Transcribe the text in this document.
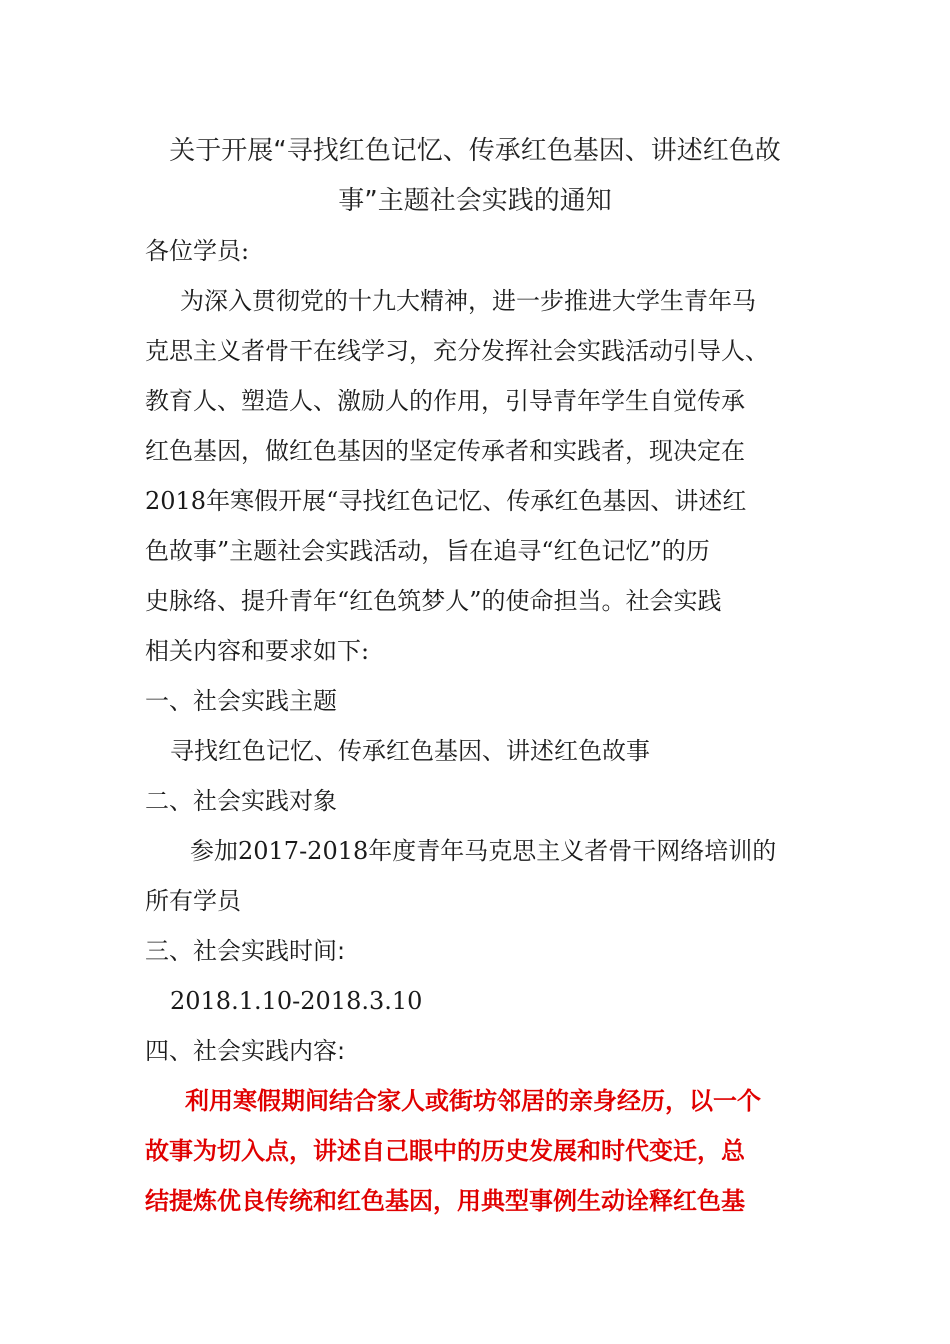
关于开展“寻找红色记忆、传承红色基因、讲述红色故
事”主题社会实践的通知
各位学员:
为深入贯彻党的十九大精神，进一步推进大学生青年马
克思主义者骨干在线学习，充分发挥社会实践活动引导人、
教育人、塑造人、激励人的作用，引导青年学生自觉传承
红色基因，做红色基因的坚定传承者和实践者，现决定在
2018年寒假开展“寻找红色记忆、传承红色基因、讲述红
色故事”主题社会实践活动，旨在追寻“红色记忆”的历
史脉络、提升青年“红色筑梦人”的使命担当。社会实践
相关内容和要求如下:
一、社会实践主题
寻找红色记忆、传承红色基因、讲述红色故事
二、社会实践对象
参加2017-2018年度青年马克思主义者骨干网络培训的
所有学员
三、社会实践时间:
2018.1.10-2018.3.10
四、社会实践内容:
利用寒假期间结合家人或街坊邻居的亲身经历，以一个
故事为切入点，讲述自己眼中的历史发展和时代变迁，总
结提炼优良传统和红色基因，用典型事例生动诠释红色基
